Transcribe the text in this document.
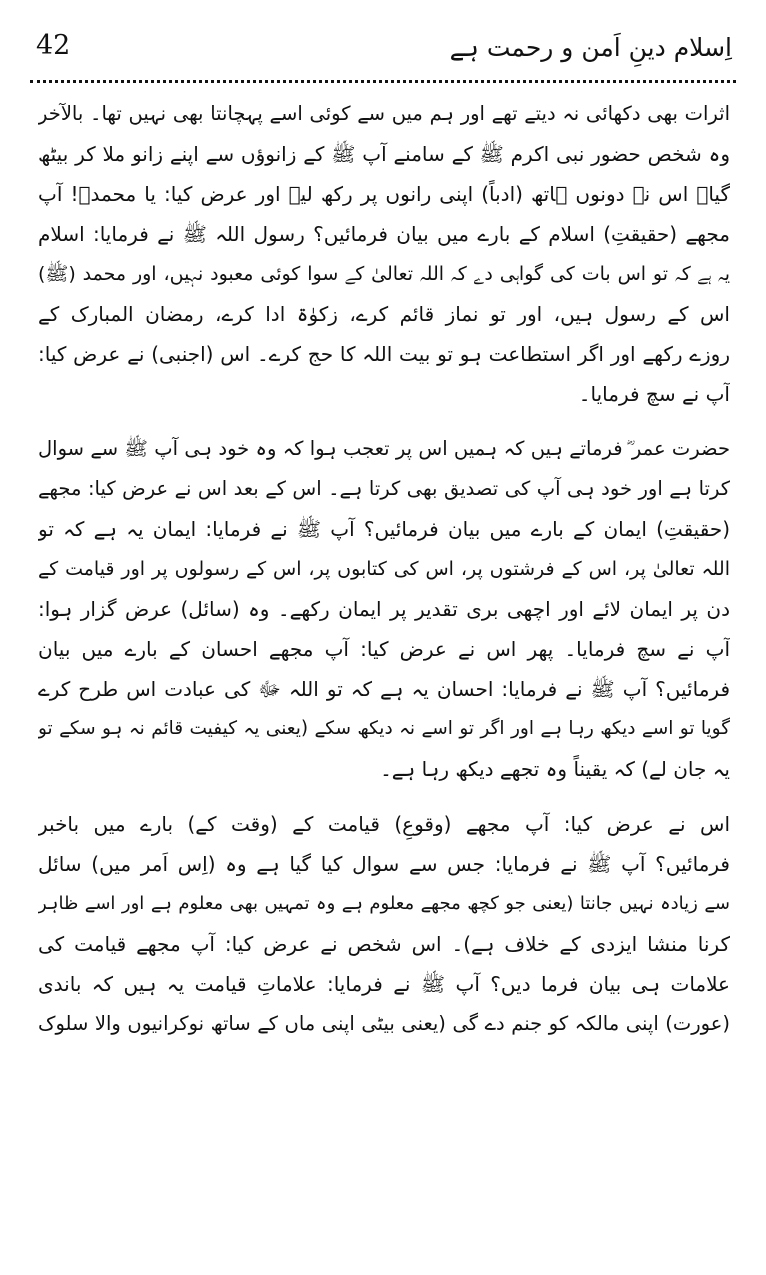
اِسلام دینِ اَمن و رحمت ہے
42
اثرات بھی دکھائی نہ دیتے تھے اور ہم میں سے کوئی اسے پہچانتا بھی نہیں تھا۔ بالآخر
وہ شخص حضور نبی اکرم ﷺ کے سامنے آپ ﷺ کے زانوؤں سے اپنے زانو ملا کر بیٹھ
گیا۔ اس نے دونوں ہاتھ (ادباً) اپنی رانوں پر رکھ لیے اور عرض کیا: یا محمدؐ! آپ
مجھے (حقیقتِ) اسلام کے بارے میں بیان فرمائیں؟ رسول اللہ ﷺ نے فرمایا: اسلام
یہ ہے کہ تو اس بات کی گواہی دے کہ اللہ تعالیٰ کے سوا کوئی معبود نہیں، اور محمد (ﷺ)
اس کے رسول ہیں، اور تو نماز قائم کرے، زکوٰۃ ادا کرے، رمضان المبارک کے
روزے رکھے اور اگر استطاعت ہو تو بیت اللہ کا حج کرے۔ اس (اجنبی) نے عرض کیا:
آپ نے سچ فرمایا۔
حضرت عمر ؓ فرماتے ہیں کہ ہمیں اس پر تعجب ہوا کہ وہ خود ہی آپ ﷺ سے سوال
کرتا ہے اور خود ہی آپ کی تصدیق بھی کرتا ہے۔ اس کے بعد اس نے عرض کیا: مجھے
(حقیقتِ) ایمان کے بارے میں بیان فرمائیں؟ آپ ﷺ نے فرمایا: ایمان یہ ہے کہ تو
اللہ تعالیٰ پر، اس کے فرشتوں پر، اس کی کتابوں پر، اس کے رسولوں پر اور قیامت کے
دن پر ایمان لائے اور اچھی بری تقدیر پر ایمان رکھے۔ وہ (سائل) عرض گزار ہوا:
آپ نے سچ فرمایا۔ پھر اس نے عرض کیا: آپ مجھے احسان کے بارے میں بیان
فرمائیں؟ آپ ﷺ نے فرمایا: احسان یہ ہے کہ تو اللہ ﷻ کی عبادت اس طرح کرے
گویا تو اسے دیکھ رہا ہے اور اگر تو اسے نہ دیکھ سکے (یعنی یہ کیفیت قائم نہ ہو سکے تو
یہ جان لے) کہ یقیناً وہ تجھے دیکھ رہا ہے۔
اس نے عرض کیا: آپ مجھے (وقوعِ) قیامت کے (وقت کے) بارے میں باخبر
فرمائیں؟ آپ ﷺ نے فرمایا: جس سے سوال کیا گیا ہے وہ (اِس اَمر میں) سائل
سے زیادہ نہیں جانتا (یعنی جو کچھ مجھے معلوم ہے وہ تمہیں بھی معلوم ہے اور اسے ظاہر
کرنا منشا ایزدی کے خلاف ہے)۔ اس شخص نے عرض کیا: آپ مجھے قیامت کی
علامات ہی بیان فرما دیں؟ آپ ﷺ نے فرمایا: علاماتِ قیامت یہ ہیں کہ باندی
(عورت) اپنی مالکہ کو جنم دے گی (یعنی بیٹی اپنی ماں کے ساتھ نوکرانیوں والا سلوک
